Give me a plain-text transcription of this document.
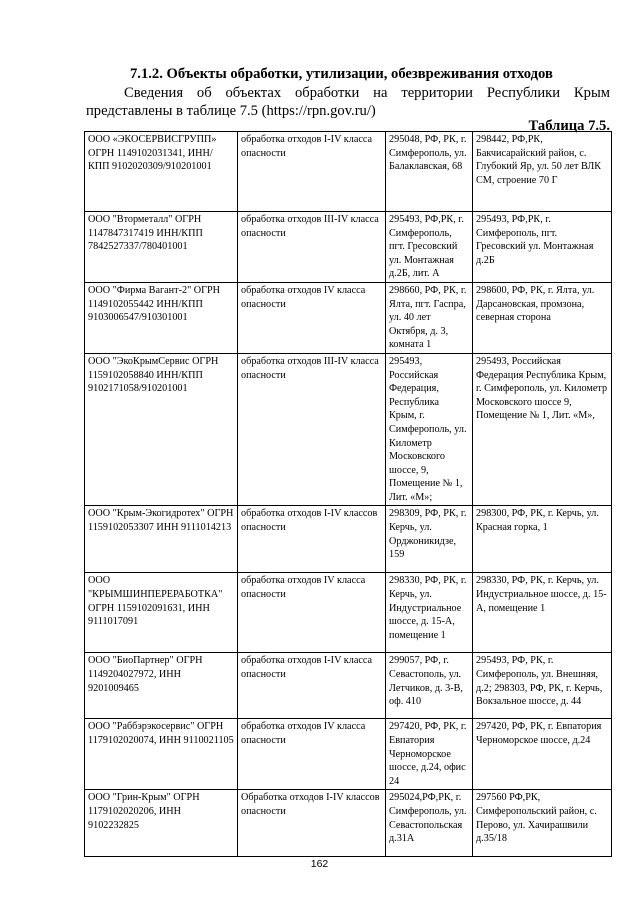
7.1.2. Объекты обработки, утилизации, обезвреживания отходов
Сведения об объектах обработки на территории Республики Крым
представлены в таблице 7.5 (https://rpn.gov.ru/)
Таблица 7.5.
ООО «ЭКОСЕРВИСГРУПП» ОГРН 1149102031341, ИНН/КПП 9102020309/910201001	обработка отходов I-IV класса опасности	295048, РФ, РК, г. Симферополь, ул. Балаклавская, 68	298442, РФ,РК, Бакчисарайский район, с. Глубокий Яр, ул. 50 лет ВЛК СМ, строение 70 Г
ООО "Вторметалл" ОГРН 1147847317419 ИНН/КПП 7842527337/780401001	обработка отходов III-IV класса опасности	295493, РФ,РК, г. Симферополь, пгт. Гресовский ул. Монтажная д.2Б, лит. А	295493, РФ,РК, г. Симферополь, пгт. Гресовский ул. Монтажная д.2Б
ООО "Фирма Вагант-2" ОГРН 1149102055442 ИНН/КПП 9103006547/910301001	обработка отходов IV класса опасности	298660, РФ, РК, г. Ялта, пгт. Гаспра, ул. 40 лет Октября, д. 3, комната 1	298600, РФ, РК, г. Ялта, ул. Дарсановская, промзона, северная сторона
ООО "ЭкоКрымСервис ОГРН 1159102058840 ИНН/КПП 9102171058/910201001	обработка отходов III-IV класса опасности	295493, Российская Федерация, Республика Крым, г. Симферополь, ул. Километр Московского шоссе, 9, Помещение № 1, Лит. «М»;	295493, Российская Федерация Республика Крым, г. Симферополь, ул. Километр Московского шоссе 9, Помещение № 1, Лит. «М»,
ООО "Крым-Экогидротех" ОГРН 1159102053307 ИНН 9111014213	обработка отходов I-IV классов опасности	298309, РФ, РК, г. Керчь, ул. Орджоникидзе, 159	298300, РФ, РК, г. Керчь, ул. Красная горка, 1
ООО "КРЫМШИНПЕРЕРАБОТКА" ОГРН 1159102091631, ИНН 9111017091	обработка отходов IV класса опасности	298330, РФ, РК, г. Керчь, ул. Индустриальное шоссе, д. 15-А, помещение 1	298330, РФ, РК, г. Керчь, ул. Индустриальное шоссе, д. 15-А, помещение 1
ООО "БиоПартнер" ОГРН 1149204027972, ИНН 9201009465	обработка отходов I-IV класса опасности	299057, РФ, г. Севастополь, ул. Летчиков, д. 3-В, оф. 410	295493, РФ, РК, г. Симферополь, ул. Внешняя, д.2; 298303, РФ, РК, г. Керчь, Вокзальное шоссе, д. 44
ООО "Раббэрэкосервис" ОГРН 1179102020074, ИНН 9110021105	обработка отходов IV класса опасности	297420, РФ, РК, г. Евпатория Черноморское шоссе, д.24, офис 24	297420, РФ, РК, г. Евпатория Черноморское шоссе, д.24
ООО "Грин-Крым" ОГРН 1179102020206, ИНН 9102232825	Обработка отходов I-IV классов опасности	295024,РФ,РК, г. Симферополь, ул. Севастопольская д.31А	297560 РФ,РК, Симферопольский район, с. Перово, ул. Хачирашвили д.35/18
162
